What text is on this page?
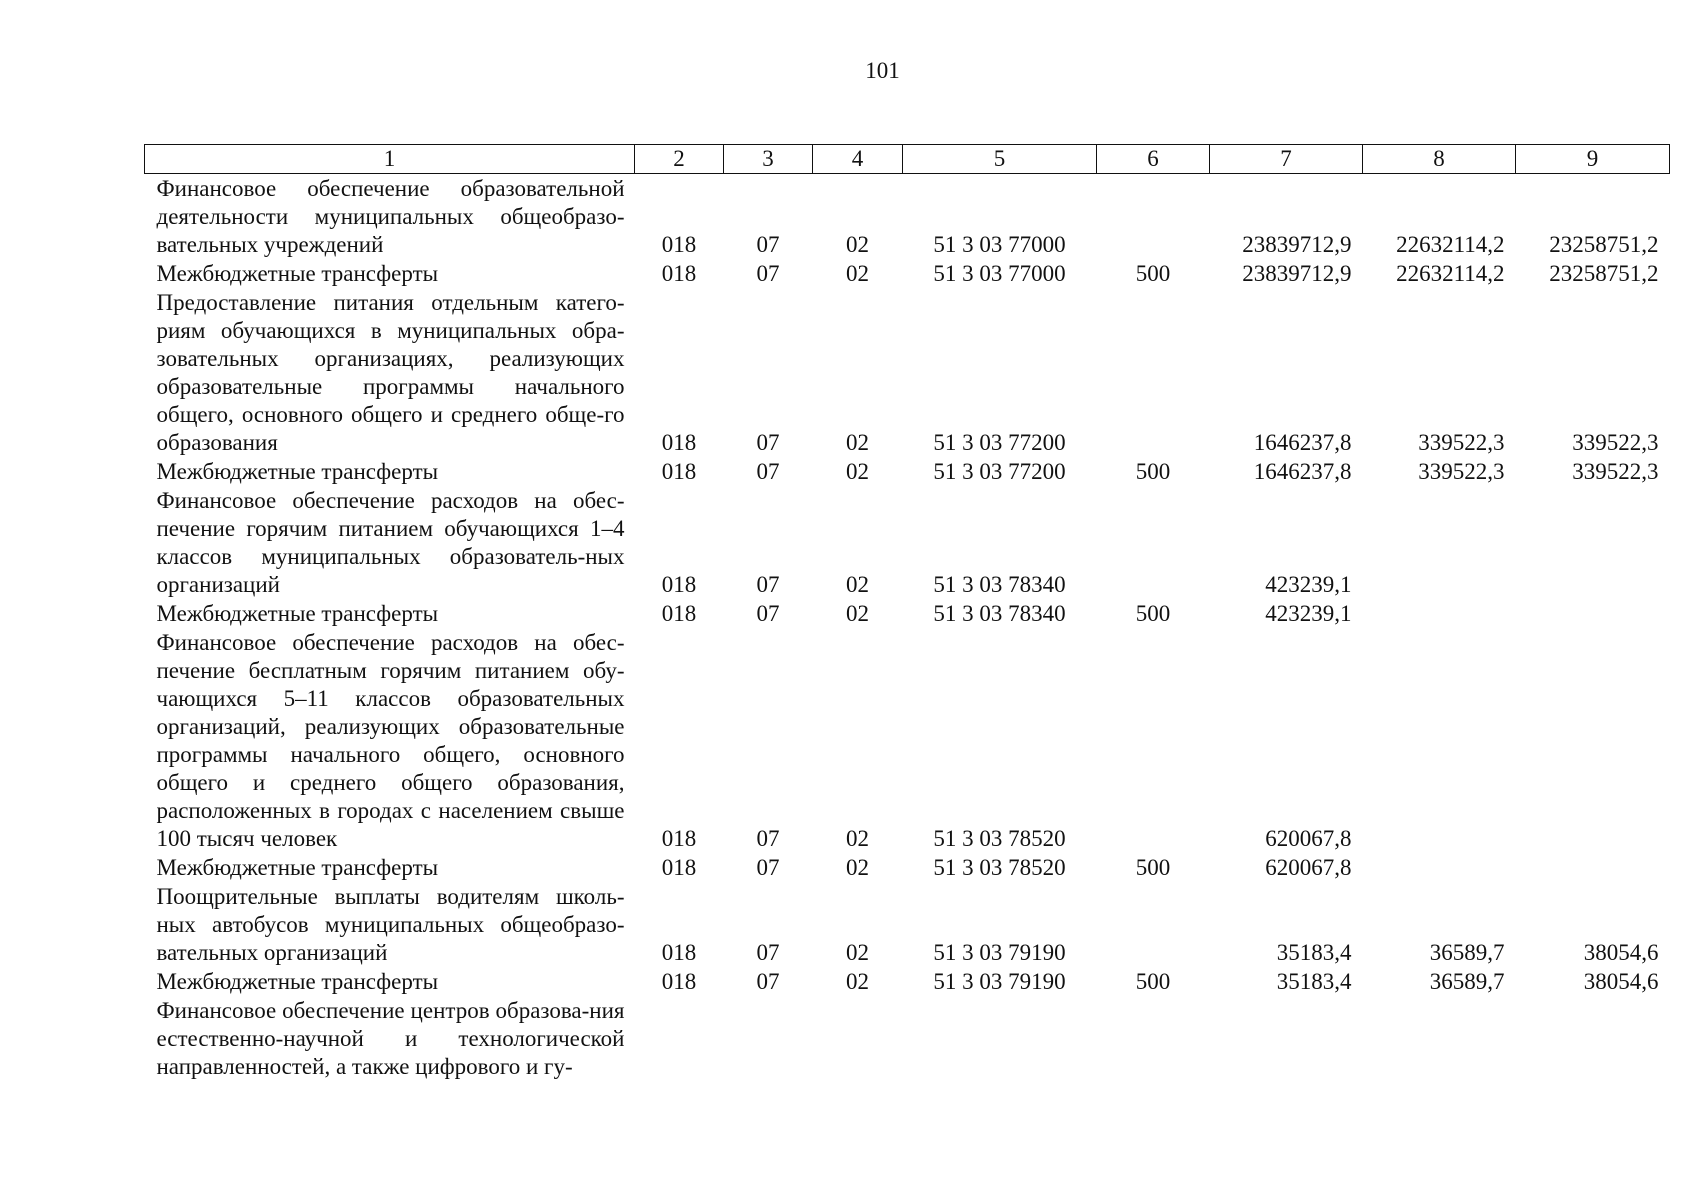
101
1	2	3	4	5	6	7	8	9
Финансовое обеспечение образовательной деятельности муниципальных общеобразо-вательных учреждений	018	07	02	51 3 03 77000		23839712,9	22632114,2	23258751,2
Межбюджетные трансферты	018	07	02	51 3 03 77000	500	23839712,9	22632114,2	23258751,2
Предоставление питания отдельным катего-риям обучающихся в муниципальных обра-зовательных организациях, реализующих образовательные программы начального общего, основного общего и среднего обще-го образования	018	07	02	51 3 03 77200		1646237,8	339522,3	339522,3
Межбюджетные трансферты	018	07	02	51 3 03 77200	500	1646237,8	339522,3	339522,3
Финансовое обеспечение расходов на обес-печение горячим питанием обучающихся 1–4 классов муниципальных образователь-ных организаций	018	07	02	51 3 03 78340		423239,1		
Межбюджетные трансферты	018	07	02	51 3 03 78340	500	423239,1		
Финансовое обеспечение расходов на обес-печение бесплатным горячим питанием обу-чающихся 5–11 классов образовательных организаций, реализующих образовательные программы начального общего, основного общего и среднего общего образования, расположенных в городах с населением свыше 100 тысяч человек	018	07	02	51 3 03 78520		620067,8		
Межбюджетные трансферты	018	07	02	51 3 03 78520	500	620067,8		
Поощрительные выплаты водителям школь-ных автобусов муниципальных общеобразо-вательных организаций	018	07	02	51 3 03 79190		35183,4	36589,7	38054,6
Межбюджетные трансферты	018	07	02	51 3 03 79190	500	35183,4	36589,7	38054,6
Финансовое обеспечение центров образова-ния естественно-научной и технологической направленностей, а также цифрового и гу-								
